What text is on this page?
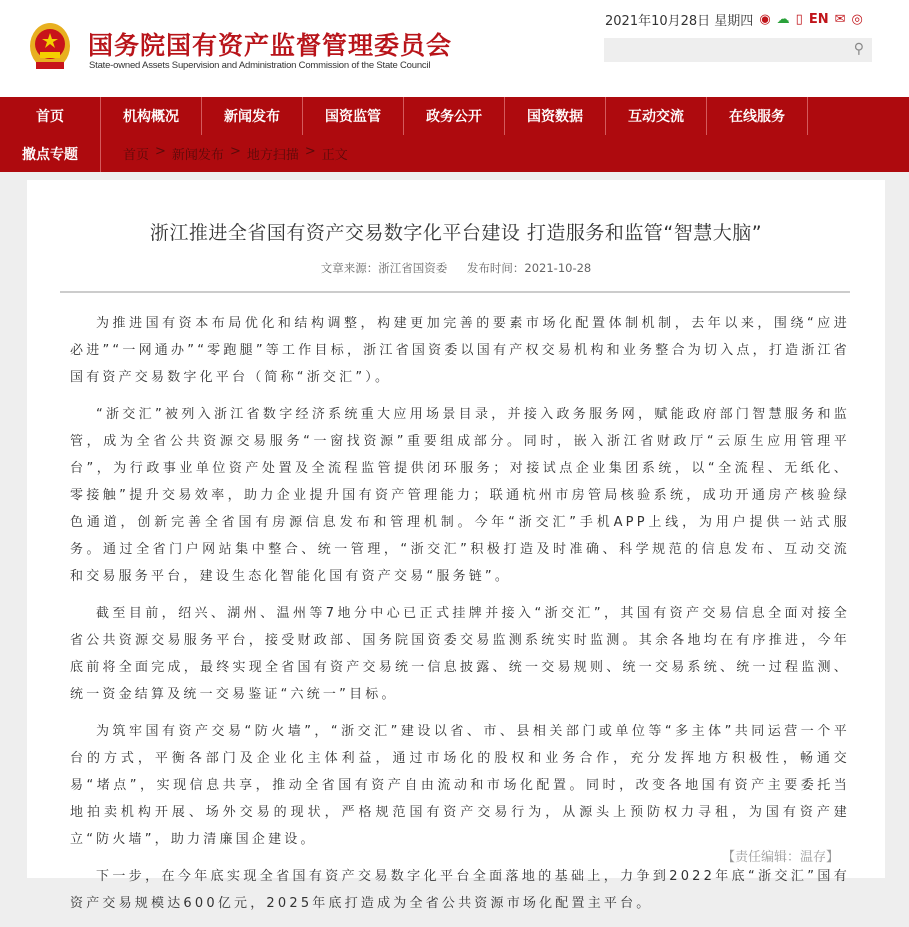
国务院国有资产监督管理委员会
State-owned Assets Supervision and Administration Commission of the State Council
2021年10月28日 星期四 ◉ ☁ ▯ EN ✉ ◎
⚲
首页	机构概况	新闻发布	国资监管	政务公开	国资数据	互动交流	在线服务
撤点专题	首页 > 新闻发布 > 地方扫描 > 正文
浙江推进全省国有资产交易数字化平台建设 打造服务和监管“智慧大脑”
文章来源：浙江省国资委 发布时间：2021-10-28

为推进国有资本布局优化和结构调整，构建更加完善的要素市场化配置体制机制，去年以来，围绕“应进必进”“一网通办”“零跑腿”等工作目标，浙江省国资委以国有产权交易机构和业务整合为切入点，打造浙江省国有资产交易数字化平台（简称“浙交汇”）。

“浙交汇”被列入浙江省数字经济系统重大应用场景目录，并接入政务服务网，赋能政府部门智慧服务和监管，成为全省公共资源交易服务“一窗找资源”重要组成部分。同时，嵌入浙江省财政厅“云原生应用管理平台”，为行政事业单位资产处置及全流程监管提供闭环服务；对接试点企业集团系统，以“全流程、无纸化、零接触”提升交易效率，助力企业提升国有资产管理能力；联通杭州市房管局核验系统，成功开通房产核验绿色通道，创新完善全省国有房源信息发布和管理机制。今年“浙交汇”手机APP上线，为用户提供一站式服务。通过全省门户网站集中整合、统一管理，“浙交汇”积极打造及时准确、科学规范的信息发布、互动交流和交易服务平台，建设生态化智能化国有资产交易“服务链”。

截至目前，绍兴、湖州、温州等7地分中心已正式挂牌并接入“浙交汇”，其国有资产交易信息全面对接全省公共资源交易服务平台，接受财政部、国务院国资委交易监测系统实时监测。其余各地均在有序推进，今年底前将全面完成，最终实现全省国有资产交易统一信息披露、统一交易规则、统一交易系统、统一过程监测、统一资金结算及统一交易鉴证“六统一”目标。

为筑牢国有资产交易“防火墙”，“浙交汇”建设以省、市、县相关部门或单位等“多主体”共同运营一个平台的方式，平衡各部门及企业化主体利益，通过市场化的股权和业务合作，充分发挥地方积极性，畅通交易“堵点”，实现信息共享，推动全省国有资产自由流动和市场化配置。同时，改变各地国有资产主要委托当地拍卖机构开展、场外交易的现状，严格规范国有资产交易行为，从源头上预防权力寻租，为国有资产建立“防火墙”，助力清廉国企建设。

下一步，在今年底实现全省国有资产交易数字化平台全面落地的基础上，力争到2022年底“浙交汇”国有资产交易规模达600亿元，2025年底打造成为全省公共资源市场化配置主平台。

【责任编辑：温存】
